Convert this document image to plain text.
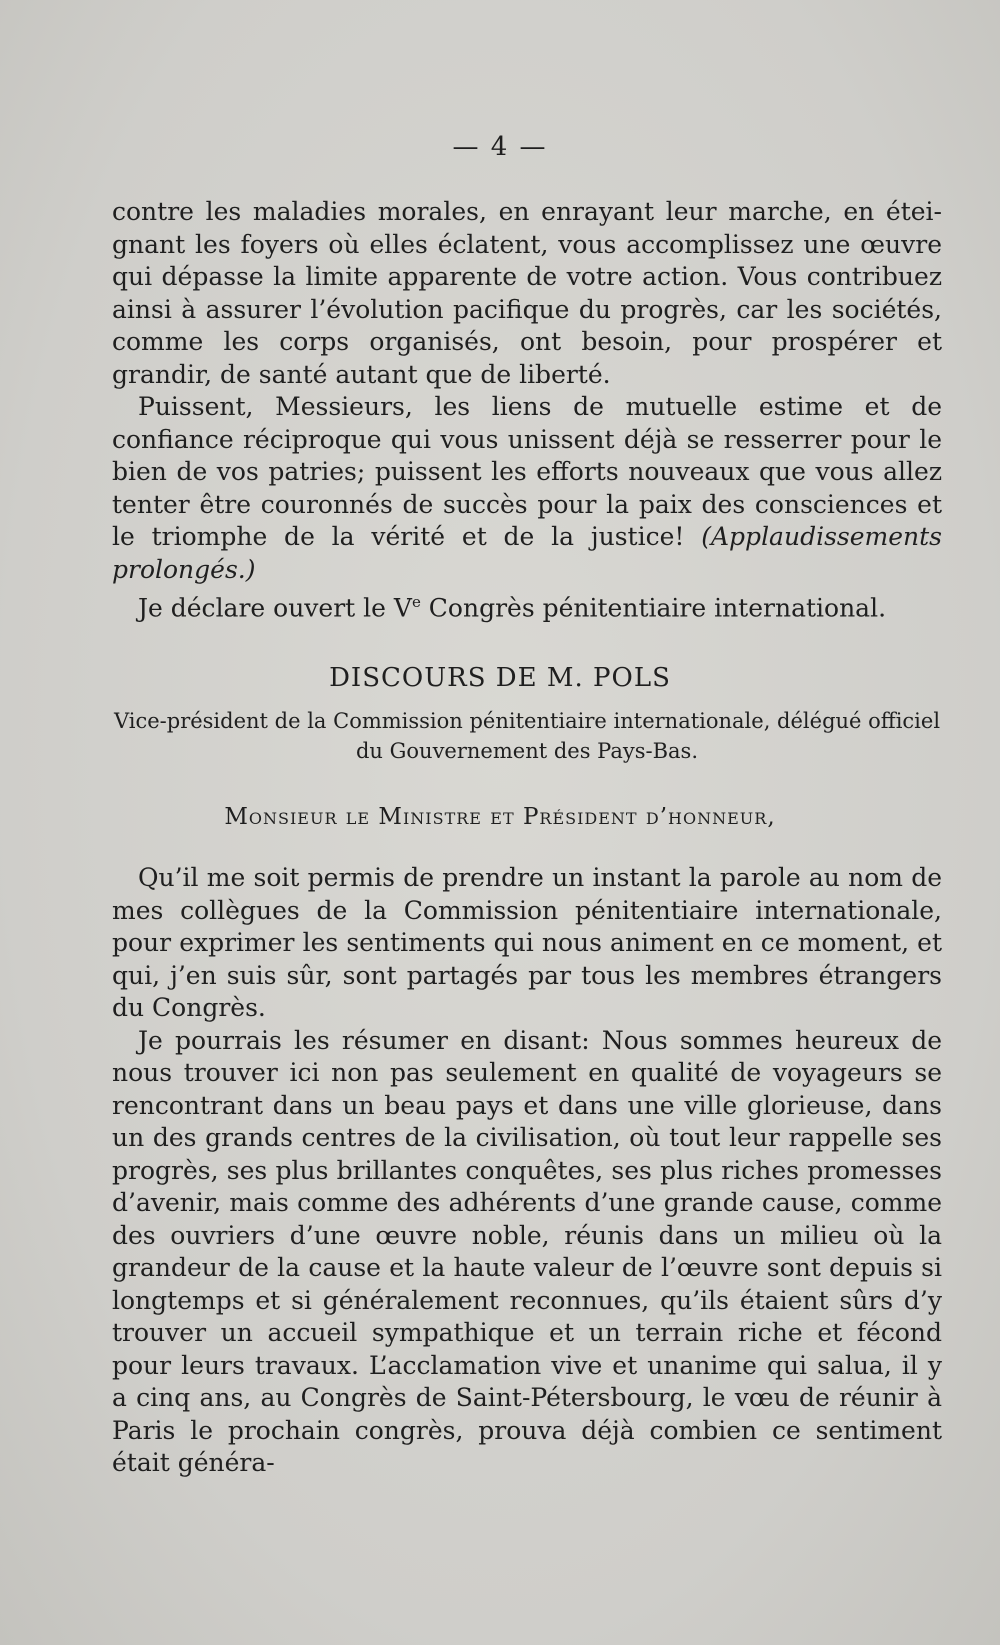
— 4 —

contre les maladies morales, en enrayant leur marche, en étei-gnant les foyers où elles éclatent, vous accomplissez une œuvre qui dépasse la limite apparente de votre action. Vous contribuez ainsi à assurer l’évolution pacifique du progrès, car les sociétés, comme les corps organisés, ont besoin, pour prospérer et grandir, de santé autant que de liberté.

Puissent, Messieurs, les liens de mutuelle estime et de confiance réciproque qui vous unissent déjà se resserrer pour le bien de vos patries; puissent les efforts nouveaux que vous allez tenter être couronnés de succès pour la paix des consciences et le triomphe de la vérité et de la justice! (Applaudissements prolongés.)

Je déclare ouvert le Ve Congrès pénitentiaire international.

DISCOURS DE M. POLS
Vice-président de la Commission pénitentiaire internationale, délégué officiel du Gouvernement des Pays-Bas.
Monsieur le Ministre et Président d’honneur,

Qu’il me soit permis de prendre un instant la parole au nom de mes collègues de la Commission pénitentiaire internationale, pour exprimer les sentiments qui nous animent en ce moment, et qui, j’en suis sûr, sont partagés par tous les membres étrangers du Congrès.

Je pourrais les résumer en disant: Nous sommes heureux de nous trouver ici non pas seulement en qualité de voyageurs se rencontrant dans un beau pays et dans une ville glorieuse, dans un des grands centres de la civilisation, où tout leur rappelle ses progrès, ses plus brillantes conquêtes, ses plus riches promesses d’avenir, mais comme des adhérents d’une grande cause, comme des ouvriers d’une œuvre noble, réunis dans un milieu où la grandeur de la cause et la haute valeur de l’œuvre sont depuis si longtemps et si généralement reconnues, qu’ils étaient sûrs d’y trouver un accueil sympathique et un terrain riche et fécond pour leurs travaux. L’acclamation vive et unanime qui salua, il y a cinq ans, au Congrès de Saint-Pétersbourg, le vœu de réunir à Paris le prochain congrès, prouva déjà combien ce sentiment était généra-
